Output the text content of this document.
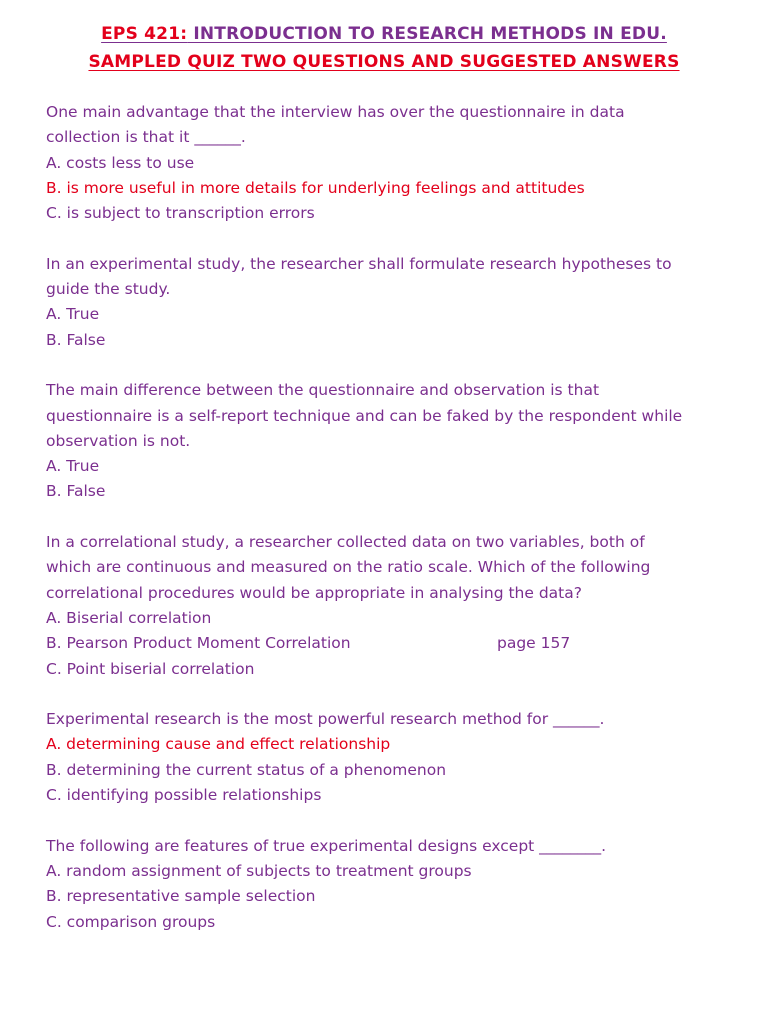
EPS 421: INTRODUCTION TO RESEARCH METHODS IN EDU.
SAMPLED QUIZ TWO QUESTIONS AND SUGGESTED ANSWERS
One main advantage that the interview has over the questionnaire in data
collection is that it ______.
A. costs less to use
B. is more useful in more details for underlying feelings and attitudes
C. is subject to transcription errors
In an experimental study, the researcher shall formulate research hypotheses to
guide the study.
A. True
B. False
The main difference between the questionnaire and observation is that
questionnaire is a self-report technique and can be faked by the respondent while
observation is not.
A. True
B. False
In a correlational study, a researcher collected data on two variables, both of
which are continuous and measured on the ratio scale. Which of the following
correlational procedures would be appropriate in analysing the data?
A. Biserial correlation
B. Pearson Product Moment Correlation	page 157
C. Point biserial correlation
Experimental research is the most powerful research method for ______.
A. determining cause and effect relationship
B. determining the current status of a phenomenon
C. identifying possible relationships
The following are features of true experimental designs except ________.
A. random assignment of subjects to treatment groups
B. representative sample selection
C. comparison groups
